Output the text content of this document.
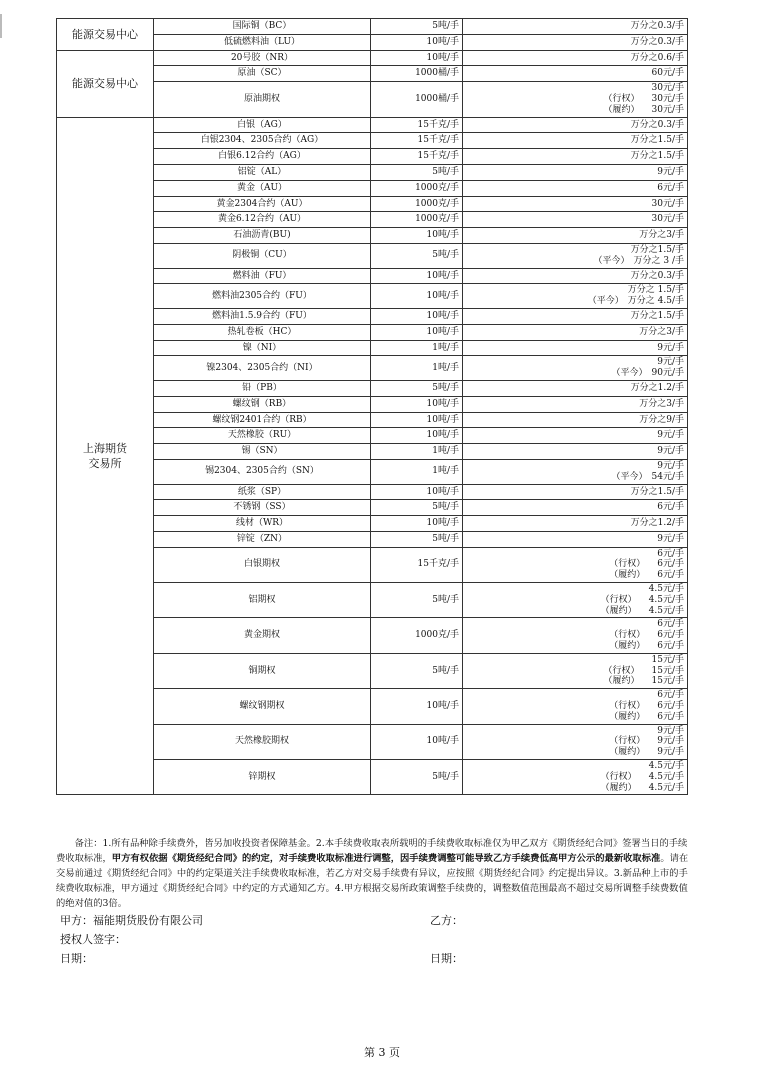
能源交易中心	国际铜（BC）	5吨/手	万分之0.3/手

	低硫燃料油（LU）	10吨/手	万分之0.3/手

能源交易中心	20号胶（NR）	10吨/手	万分之0.6/手

	原油（SC）	1000桶/手	60元/手

	原油期权	1000桶/手	30元/手
（行权） 30元/手
（履约） 30元/手

上海期货
交易所	白银（AG）	15千克/手	万分之0.3/手

	白银2304、2305合约（AG）	15千克/手	万分之1.5/手

	白银6.12合约（AG）	15千克/手	万分之1.5/手

	铝锭（AL）	5吨/手	9元/手

	黄金（AU）	1000克/手	6元/手

	黄金2304合约（AU）	1000克/手	30元/手

	黄金6.12合约（AU）	1000克/手	30元/手

	石油沥青(BU)	10吨/手	万分之3/手

	阴极铜（CU）	5吨/手	万分之1.5/手
（平今） 万分之 3 /手

	燃料油（FU）	10吨/手	万分之0.3/手

	燃料油2305合约（FU）	10吨/手	万分之 1.5/手
（平今） 万分之 4.5/手

	燃料油1.5.9合约（FU）	10吨/手	万分之1.5/手

	热轧卷板（HC）	10吨/手	万分之3/手

	镍（NI）	1吨/手	9元/手

	镍2304、2305合约（NI）	1吨/手	9元/手
（平今） 90元/手

	铅（PB）	5吨/手	万分之1.2/手

	螺纹钢（RB）	10吨/手	万分之3/手

	螺纹钢2401合约（RB）	10吨/手	万分之9/手

	天然橡胶（RU）	10吨/手	9元/手

	锡（SN）	1吨/手	9元/手

	锡2304、2305合约（SN）	1吨/手	9元/手
（平今） 54元/手

	纸浆（SP）	10吨/手	万分之1.5/手

	不锈钢（SS）	5吨/手	6元/手

	线材（WR）	10吨/手	万分之1.2/手

	锌锭（ZN）	5吨/手	9元/手

	白银期权	15千克/手	6元/手
（行权） 6元/手
（履约） 6元/手

	铝期权	5吨/手	4.5元/手
（行权） 4.5元/手
（履约） 4.5元/手

	黄金期权	1000克/手	6元/手
（行权） 6元/手
（履约） 6元/手

	铜期权	5吨/手	15元/手
（行权） 15元/手
（履约） 15元/手

	螺纹钢期权	10吨/手	6元/手
（行权） 6元/手
（履约） 6元/手

	天然橡胶期权	10吨/手	9元/手
（行权） 9元/手
（履约） 9元/手

	锌期权	5吨/手	4.5元/手
（行权） 4.5元/手
（履约） 4.5元/手
备注：1.所有品种除手续费外，皆另加收投资者保障基金。2.本手续费收取表所载明的手续费收取标准仅为甲乙双方《期货经纪合同》签署当日的手续费收取标准，甲方有权依据《期货经纪合同》的约定，对手续费收取标准进行调整，因手续费调整可能导致乙方手续费低高甲方公示的最新收取标准。请在交易前通过《期货经纪合同》中的约定渠道关注手续费收取标准，若乙方对交易手续费有异议，应按照《期货经纪合同》约定提出异议。3.新品种上市的手续费收取标准，甲方通过《期货经纪合同》中约定的方式通知乙方。4.甲方根据交易所政策调整手续费的，调整数值范围最高不超过交易所调整手续费数值的绝对值的3倍。
甲方：福能期货股份有限公司	乙方：
授权人签字：
日期：	日期：
第 3 页
